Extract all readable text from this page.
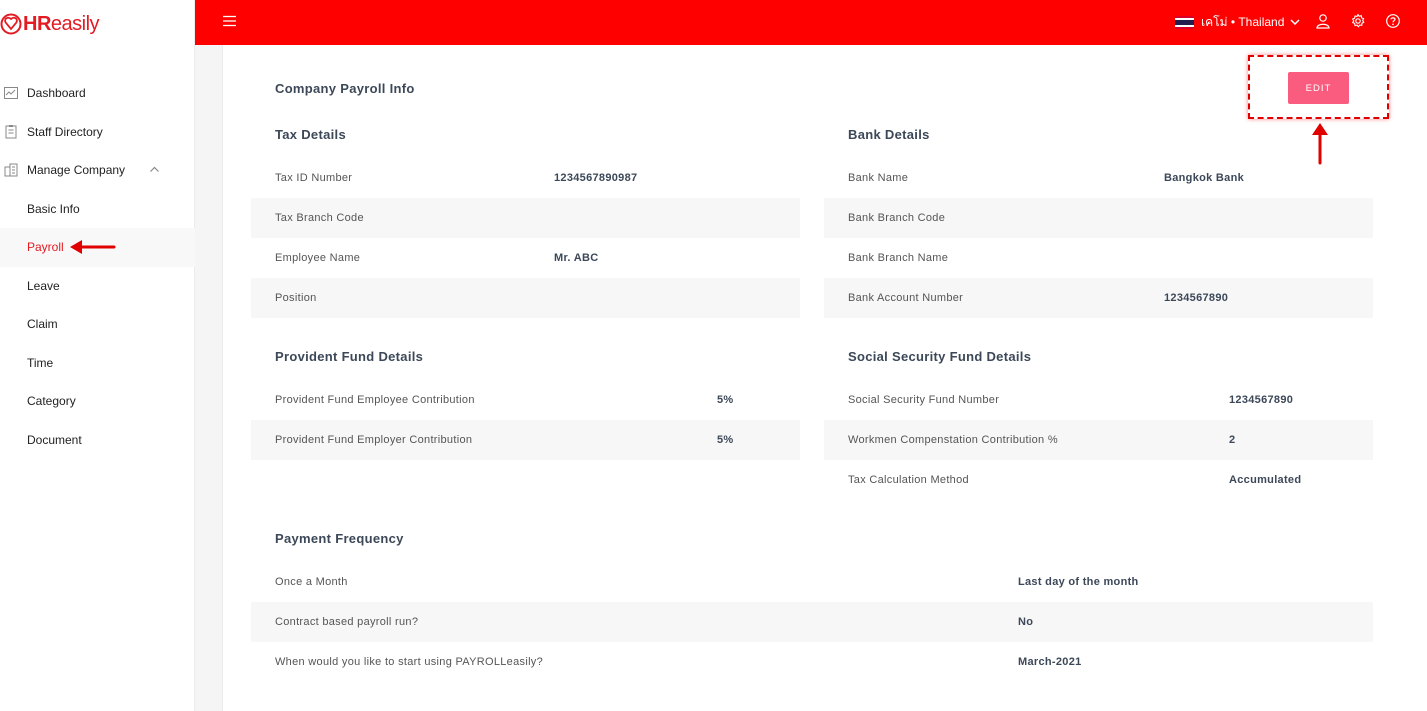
HReasily
Dashboard
Staff Directory
Manage Company
Basic Info
Payroll
Leave
Claim
Time
Category
Document
เคโม่ • Thailand
Company Payroll Info	EDIT
Tax Details
Tax ID Number	1234567890987
Tax Branch Code
Employee Name	Mr. ABC
Position
Bank Details
Bank Name	Bangkok Bank
Bank Branch Code
Bank Branch Name
Bank Account Number	1234567890
Provident Fund Details
Provident Fund Employee Contribution	5%
Provident Fund Employer Contribution	5%
Social Security Fund Details
Social Security Fund Number	1234567890
Workmen Compenstation Contribution %	2
Tax Calculation Method	Accumulated
Payment Frequency
Once a Month	Last day of the month
Contract based payroll run?	No
When would you like to start using PAYROLLeasily?	March-2021
